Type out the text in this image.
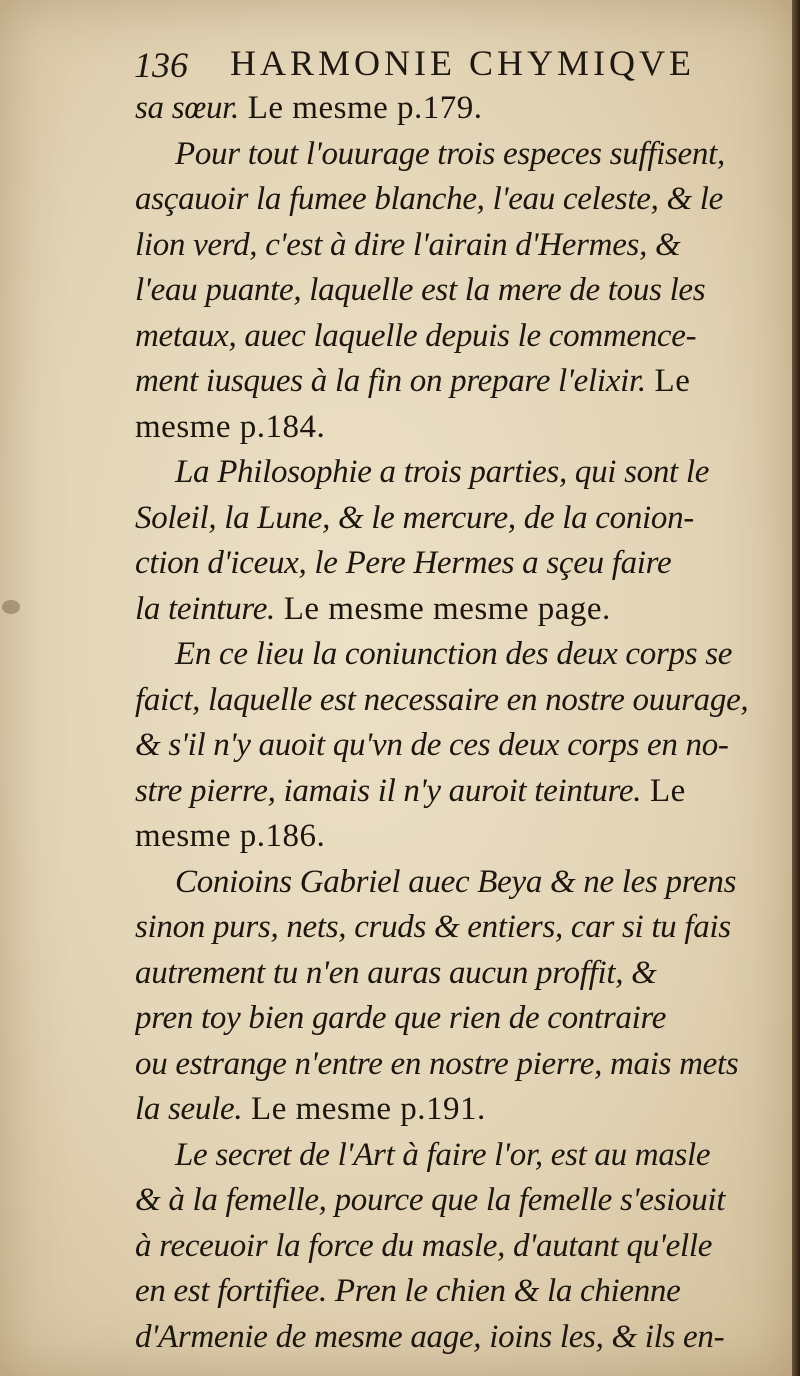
136 HARMONIE CHYMIQVE
sa sœur. Le mesme p.179.
Pour tout l'ouurage trois especes suffisent,
asçauoir la fumee blanche, l'eau celeste, & le
lion verd, c'est à dire l'airain d'Hermes, &
l'eau puante, laquelle est la mere de tous les
metaux, auec laquelle depuis le commence-
ment iusques à la fin on prepare l'elixir. Le
mesme p.184.
La Philosophie a trois parties, qui sont le
Soleil, la Lune, & le mercure, de la conion-
ction d'iceux, le Pere Hermes a sçeu faire
la teinture. Le mesme mesme page.
En ce lieu la coniunction des deux corps se
faict, laquelle est necessaire en nostre ouurage,
& s'il n'y auoit qu'vn de ces deux corps en no-
stre pierre, iamais il n'y auroit teinture. Le
mesme p.186.
Conioins Gabriel auec Beya & ne les prens
sinon purs, nets, cruds & entiers, car si tu fais
autrement tu n'en auras aucun proffit, &
pren toy bien garde que rien de contraire
ou estrange n'entre en nostre pierre, mais mets
la seule. Le mesme p.191.
Le secret de l'Art à faire l'or, est au masle
& à la femelle, pource que la femelle s'esiouit
à receuoir la force du masle, d'autant qu'elle
en est fortifiee. Pren le chien & la chienne
d'Armenie de mesme aage, ioins les, & ils en-
